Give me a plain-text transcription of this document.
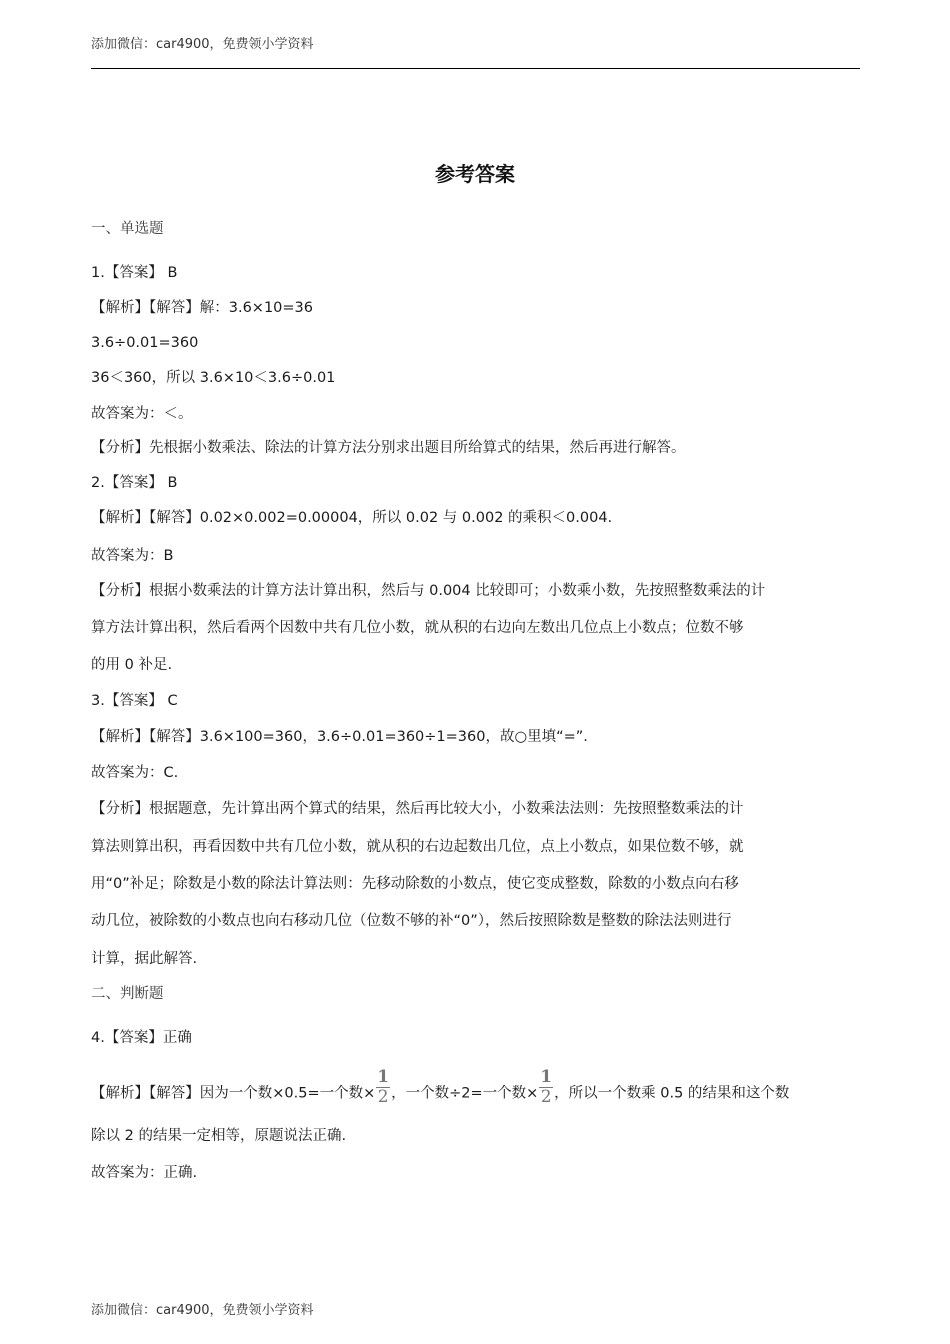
添加微信：car4900，免费领小学资料
参考答案
一、单选题
1.【答案】 B
【解析】【解答】解：3.6×10=36
3.6÷0.01=360
36＜360，所以 3.6×10＜3.6÷0.01
故答案为：＜。
【分析】先根据小数乘法、除法的计算方法分别求出题目所给算式的结果，然后再进行解答。
2.【答案】 B
【解析】【解答】0.02×0.002=0.00004，所以 0.02 与 0.002 的乘积＜0.004.
故答案为：B
【分析】根据小数乘法的计算方法计算出积，然后与 0.004 比较即可；小数乘小数，先按照整数乘法的计
算方法计算出积，然后看两个因数中共有几位小数，就从积的右边向左数出几位点上小数点；位数不够
的用 0 补足.
3.【答案】 C
【解析】【解答】3.6×100=360，3.6÷0.01=360÷1=360，故○里填“=”.
故答案为：C.
【分析】根据题意，先计算出两个算式的结果，然后再比较大小，小数乘法法则：先按照整数乘法的计
算法则算出积，再看因数中共有几位小数，就从积的右边起数出几位，点上小数点，如果位数不够，就
用“0”补足；除数是小数的除法计算法则：先移动除数的小数点，使它变成整数，除数的小数点向右移
动几位，被除数的小数点也向右移动几位（位数不够的补“0”），然后按照除数是整数的除法法则进行
计算，据此解答.
二、判断题
4.【答案】正确
【解析】【解答】因为一个数×0.5=一个数× $\frac{1}{2}$ ，一个数÷2=一个数× $\frac{1}{2}$ ，所以一个数乘 0.5 的结果和这个数
除以 2 的结果一定相等，原题说法正确.
故答案为：正确.
添加微信：car4900，免费领小学资料
